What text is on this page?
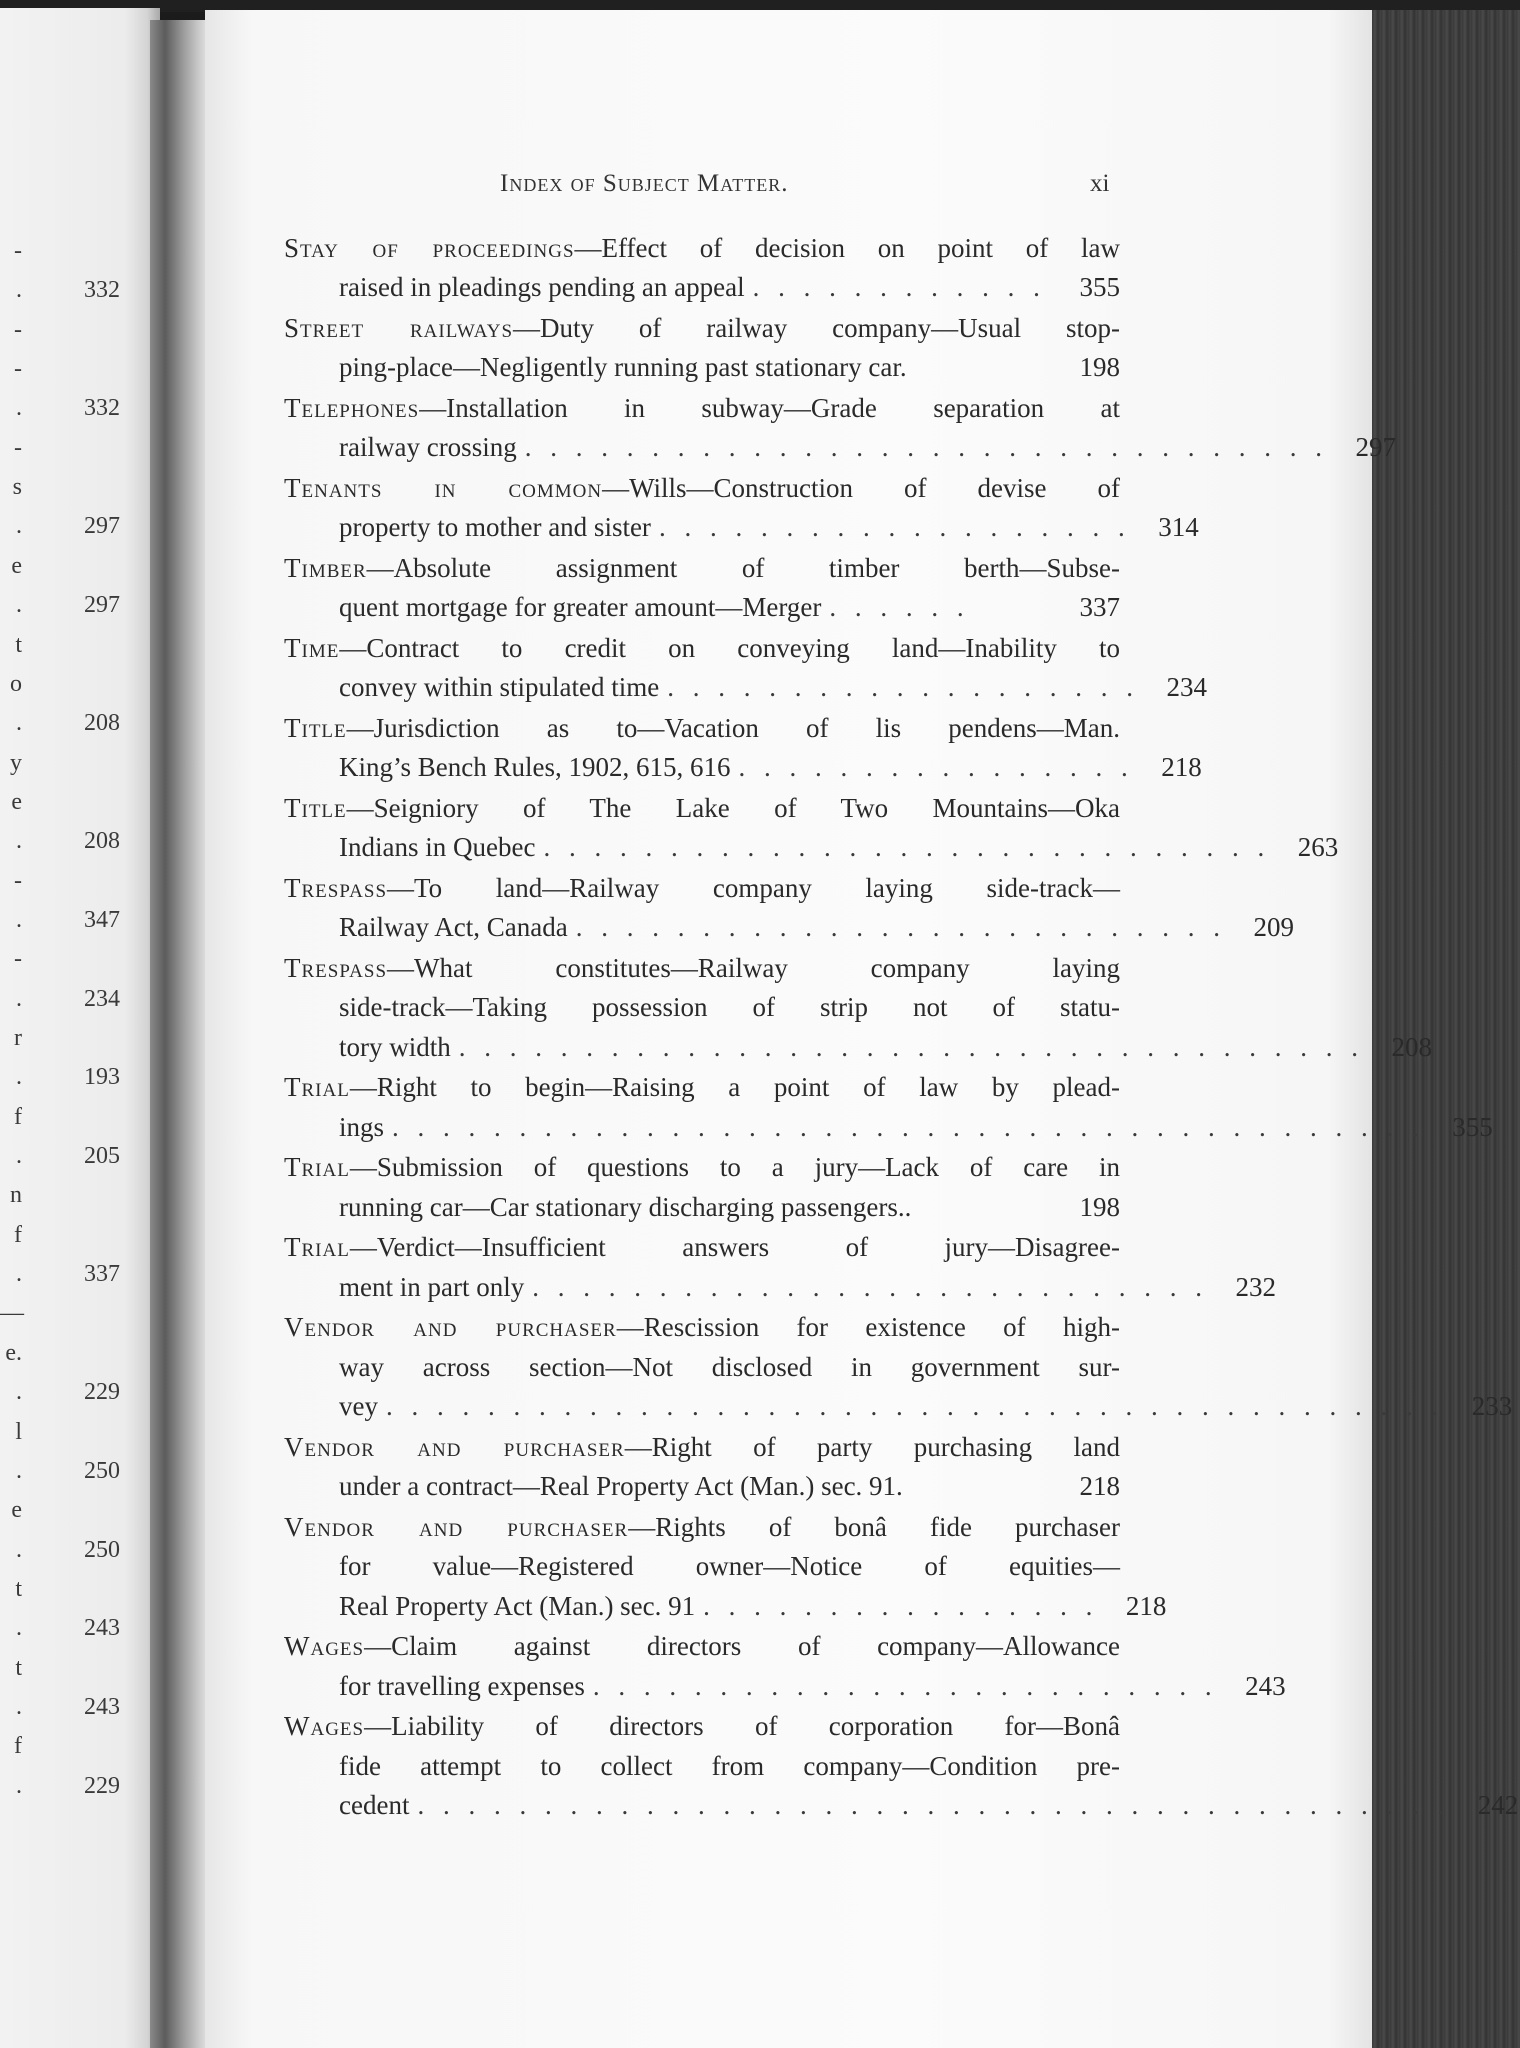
-
.	332
-
-
.	332
-
s
.	297
e
.	297
t
o
.	208
y
e
.	208
-
.	347
-
.	234
r
.	193
f
.	205
n
f
.	337
—
e.
.	229
l
.	250
e
.	250
t
.	243
t
.	243
f
.	229
Index of Subject Matter.	xi
Stay of proceedings—Effect of decision on point of law
raised in pleadings pending an appeal . . . . . . . . . . . .	355
Street railways—Duty of railway company—Usual stop-
ping-place—Negligently running past stationary car.	198
Telephones—Installation in subway—Grade separation at
railway crossing . . . . . . . . . . . . . . . . . . . . . . . . . . . . . . . .	297
Tenants in common—Wills—Construction of devise of
property to mother and sister . . . . . . . . . . . . . . . . . . .	314
Timber—Absolute assignment of timber berth—Subse-
quent mortgage for greater amount—Merger . . . . . .	337
Time—Contract to credit on conveying land—Inability to
convey within stipulated time . . . . . . . . . . . . . . . . . . .	234
Title—Jurisdiction as to—Vacation of lis pendens—Man.
King’s Bench Rules, 1902, 615, 616 . . . . . . . . . . . . . . . .	218
Title—Seigniory of The Lake of Two Mountains—Oka
Indians in Quebec . . . . . . . . . . . . . . . . . . . . . . . . . . . . .	263
Trespass—To land—Railway company laying side-track—
Railway Act, Canada . . . . . . . . . . . . . . . . . . . . . . . . . .	209
Trespass—What constitutes—Railway company laying
side-track—Taking possession of strip not of statu-
tory width . . . . . . . . . . . . . . . . . . . . . . . . . . . . . . . . . . . .	208
Trial—Right to begin—Raising a point of law by plead-
ings . . . . . . . . . . . . . . . . . . . . . . . . . . . . . . . . . . . . . . . . .	355
Trial—Submission of questions to a jury—Lack of care in
running car—Car stationary discharging passengers..	198
Trial—Verdict—Insufficient answers of jury—Disagree-
ment in part only . . . . . . . . . . . . . . . . . . . . . . . . . . .	232
Vendor and purchaser—Rescission for existence of high-
way across section—Not disclosed in government sur-
vey . . . . . . . . . . . . . . . . . . . . . . . . . . . . . . . . . . . . . . . . . .	233
Vendor and purchaser—Right of party purchasing land
under a contract—Real Property Act (Man.) sec. 91.	218
Vendor and purchaser—Rights of bonâ fide purchaser
for value—Registered owner—Notice of equities—
Real Property Act (Man.) sec. 91 . . . . . . . . . . . . . . . .	218
Wages—Claim against directors of company—Allowance
for travelling expenses . . . . . . . . . . . . . . . . . . . . . . . . .	243
Wages—Liability of directors of corporation for—Bonâ
fide attempt to collect from company—Condition pre-
cedent . . . . . . . . . . . . . . . . . . . . . . . . . . . . . . . . . . . . . . . . .	242
